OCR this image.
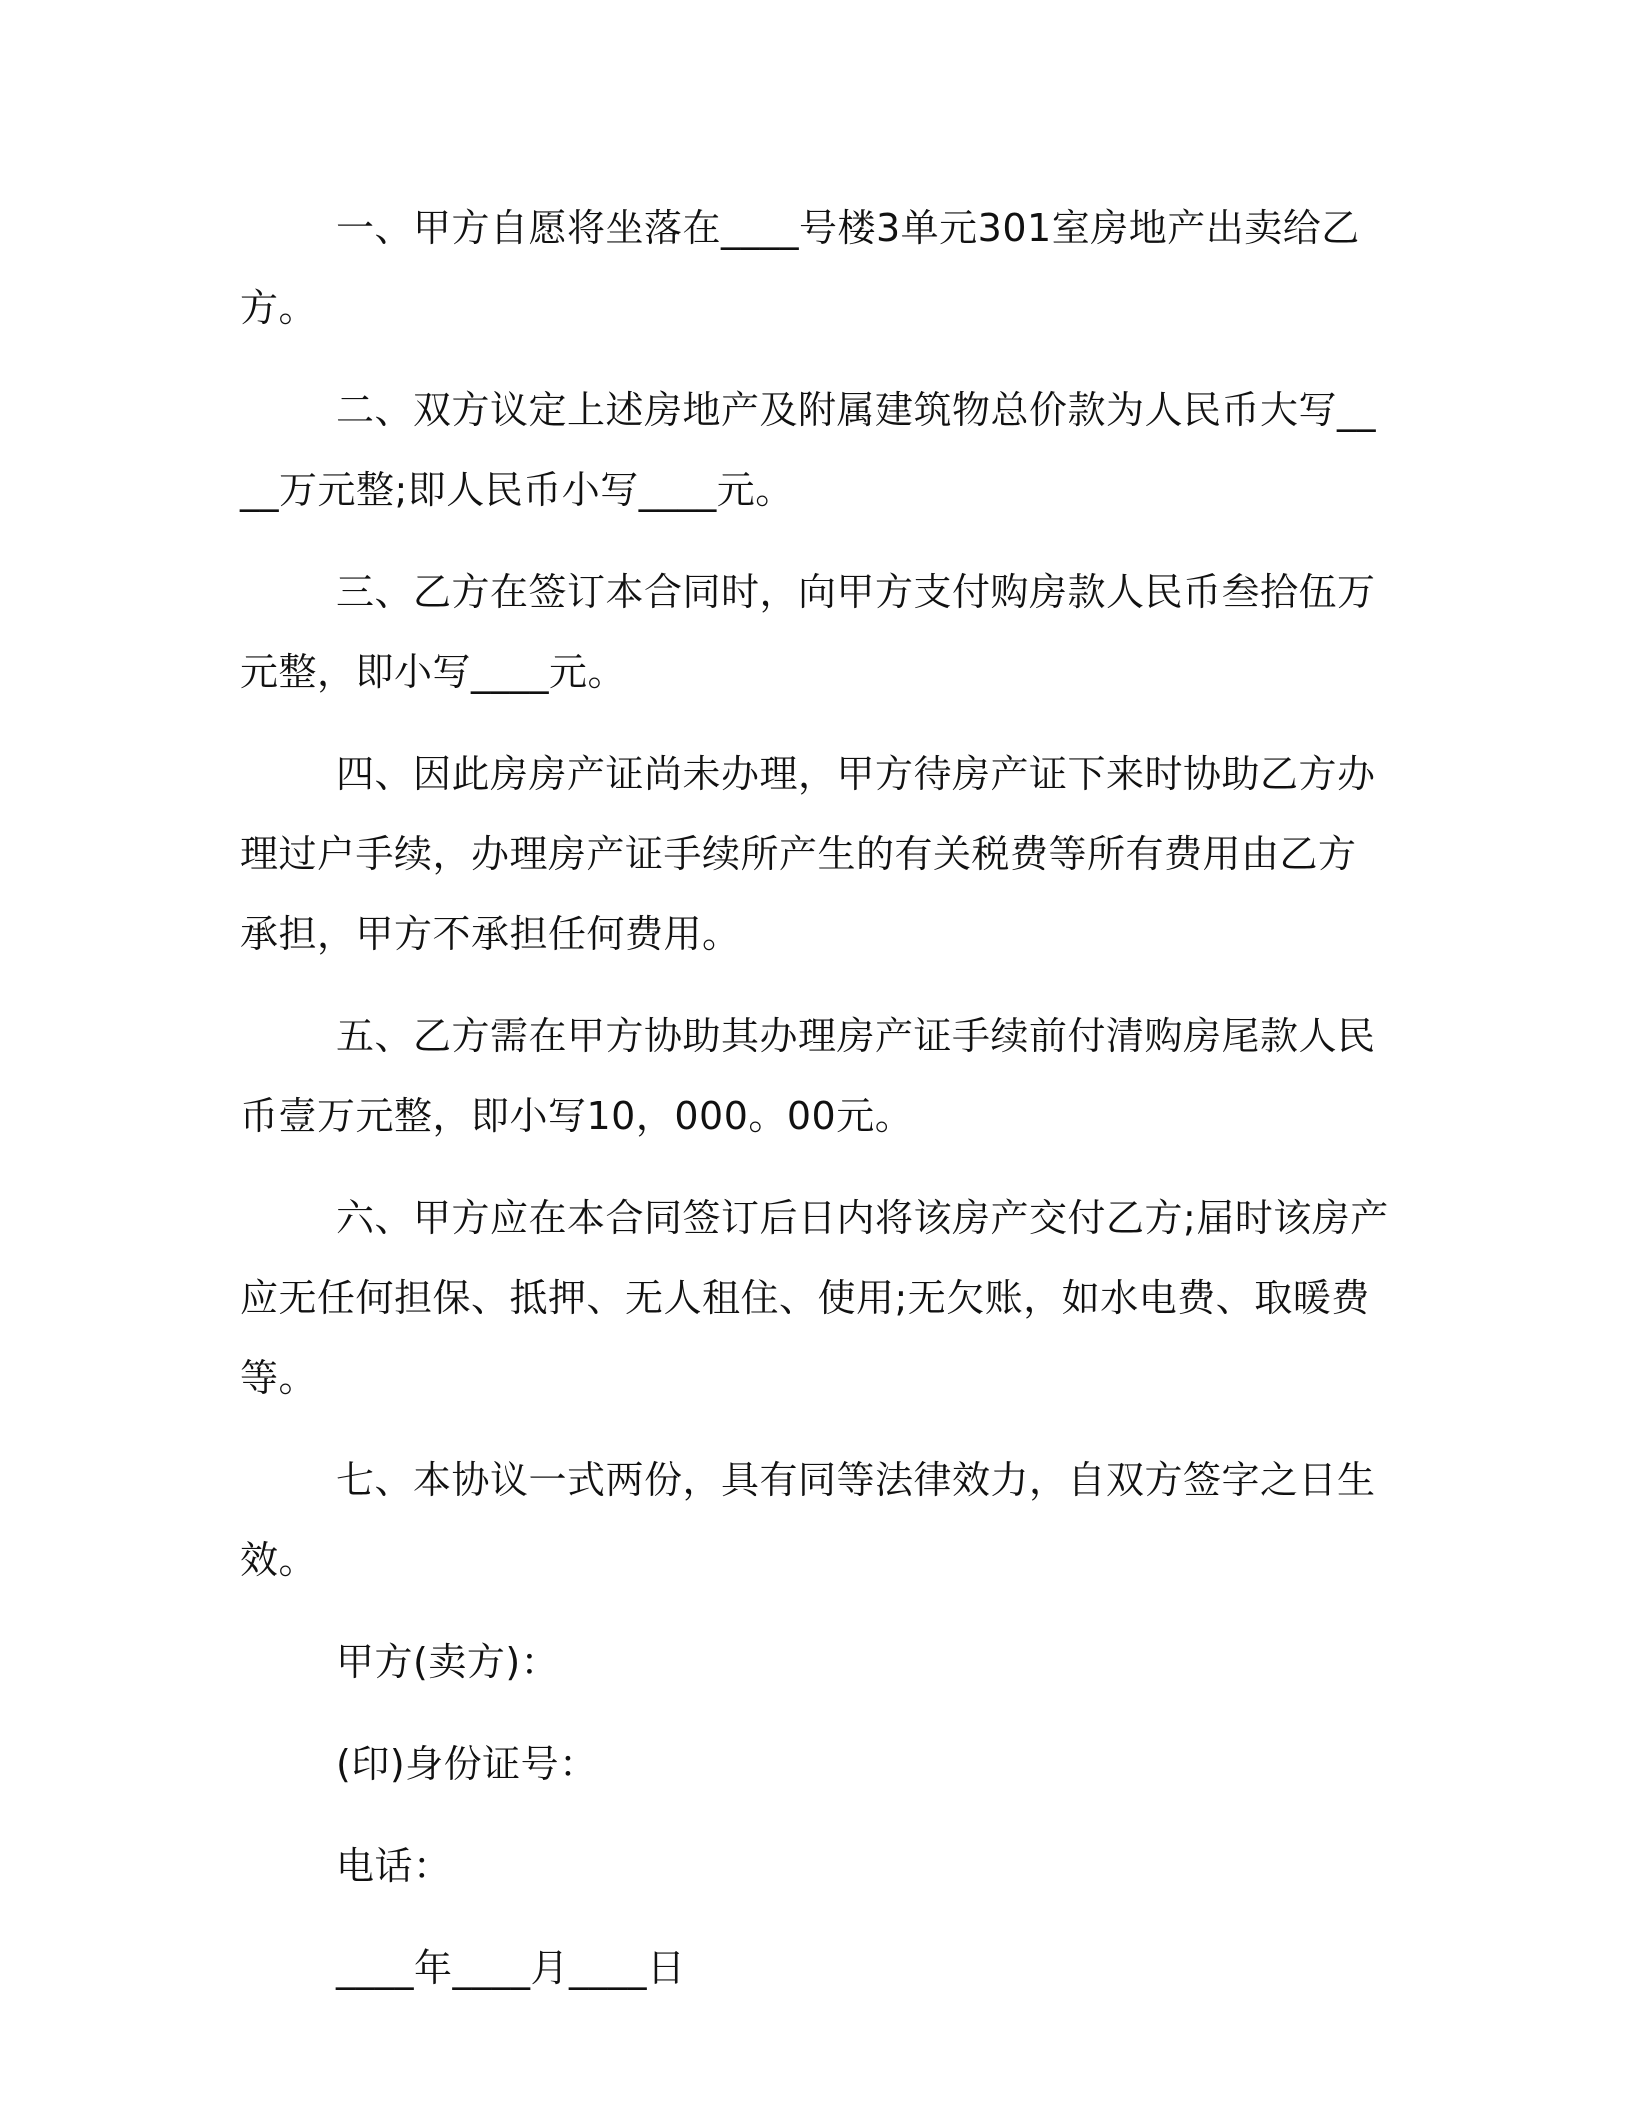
一、甲方自愿将坐落在____号楼3单元301室房地产出卖给乙方。

二、双方议定上述房地产及附属建筑物总价款为人民币大写____万元整;即人民币小写____元。

三、乙方在签订本合同时，向甲方支付购房款人民币叁拾伍万元整，即小写____元。

四、因此房房产证尚未办理，甲方待房产证下来时协助乙方办理过户手续，办理房产证手续所产生的有关税费等所有费用由乙方承担，甲方不承担任何费用。

五、乙方需在甲方协助其办理房产证手续前付清购房尾款人民币壹万元整，即小写10，000。00元。

六、甲方应在本合同签订后日内将该房产交付乙方;届时该房产应无任何担保、抵押、无人租住、使用;无欠账，如水电费、取暖费等。

七、本协议一式两份，具有同等法律效力，自双方签字之日生效。

甲方(卖方)：

(印)身份证号：

电话：

____年____月____日
